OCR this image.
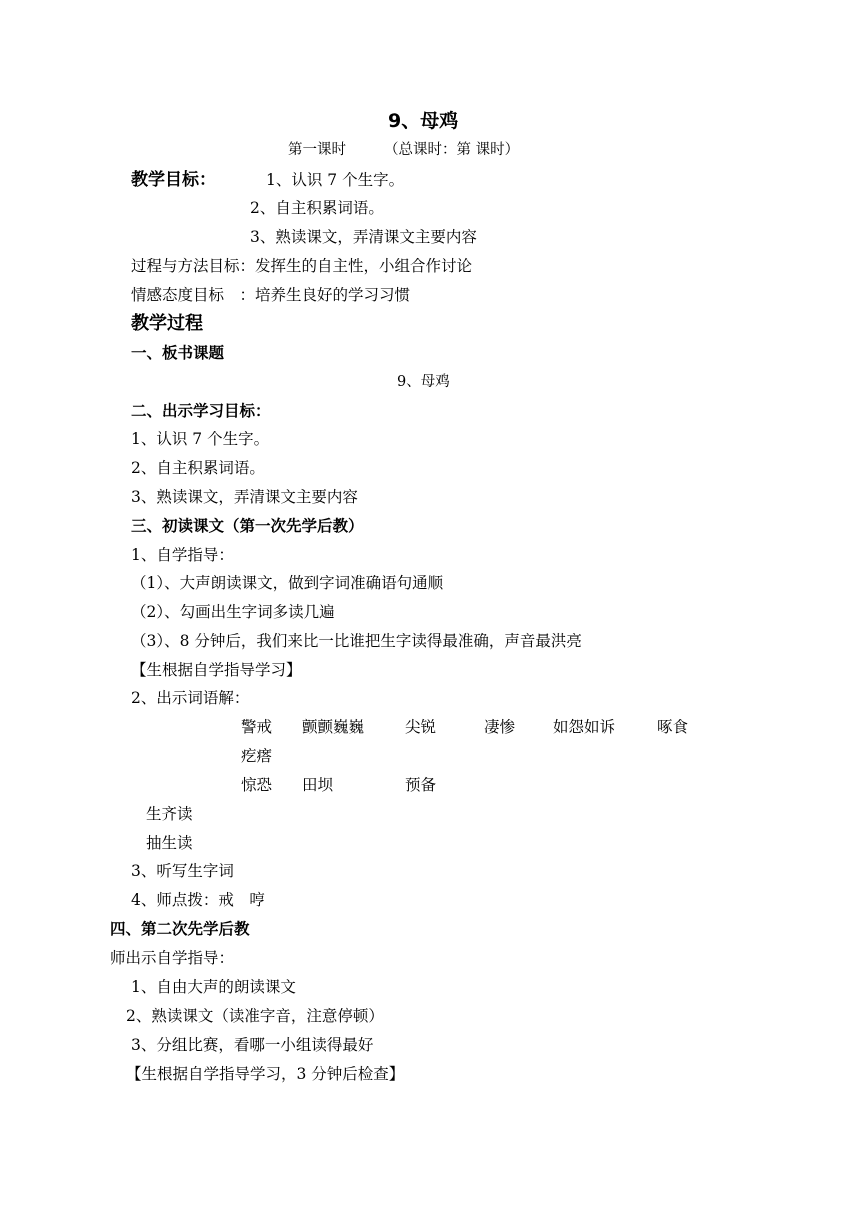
9、母鸡
第一课时	（总课时：第 课时）
教学目标：	1、认识 7 个生字。
2、自主积累词语。
3、熟读课文，弄清课文主要内容
过程与方法目标：发挥生的自主性，小组合作讨论
情感态度目标　：培养生良好的学习习惯
教学过程
一、板书课题
9、母鸡
二、出示学习目标：
1、认识 7 个生字。
2、自主积累词语。
3、熟读课文，弄清课文主要内容
三、初读课文（第一次先学后教）
1、自学指导：
（1）、大声朗读课文，做到字词准确语句通顺
（2）、勾画出生字词多读几遍
（3）、8 分钟后，我们来比一比谁把生字读得最准确，声音最洪亮
【生根据自学指导学习】
2、出示词语解：
警戒 颤颤巍巍	尖锐	凄惨 如怨如诉	啄食
疙瘩
惊恐 田坝	预备
生齐读
抽生读
3、听写生字词
4、师点拨：戒　哼
四、第二次先学后教
师出示自学指导：
1、自由大声的朗读课文
2、熟读课文（读准字音，注意停顿）
3、分组比赛，看哪一小组读得最好
【生根据自学指导学习，3 分钟后检查】
